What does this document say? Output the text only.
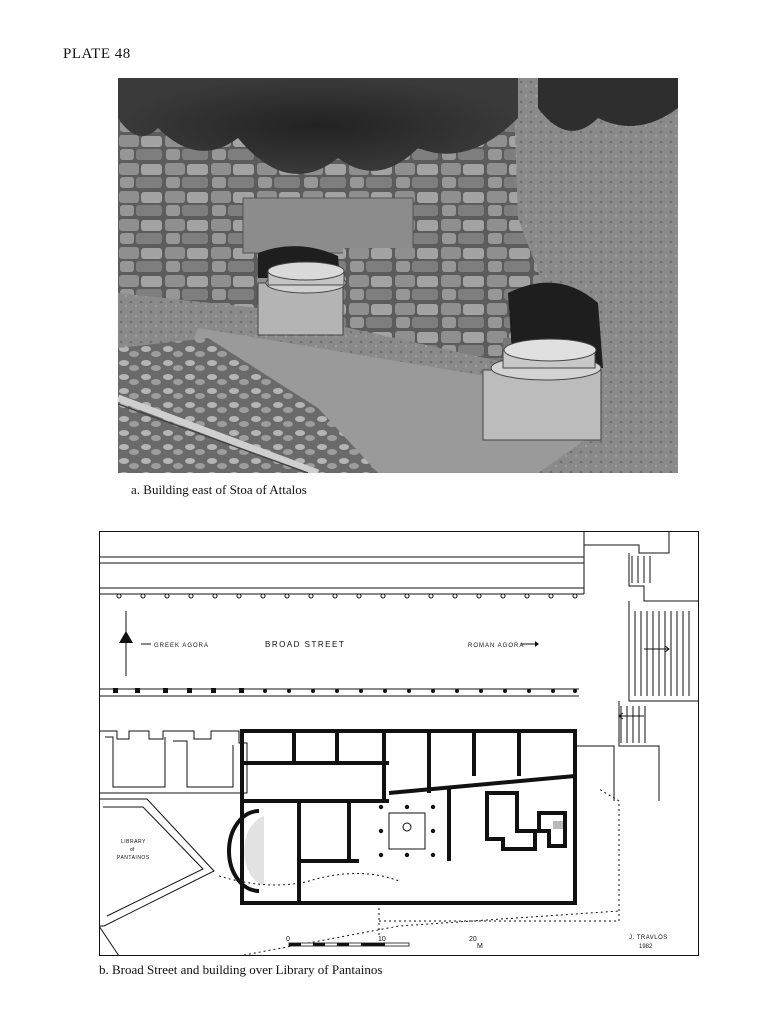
PLATE 48
a. Building east of Stoa of Attalos
GREEK AGORA	BROAD STREET	ROMAN AGORA
LIBRARY
of
PANTAINOS
0	10	20
M
J. TRAVLOS
1982
b. Broad Street and building over Library of Pantainos
